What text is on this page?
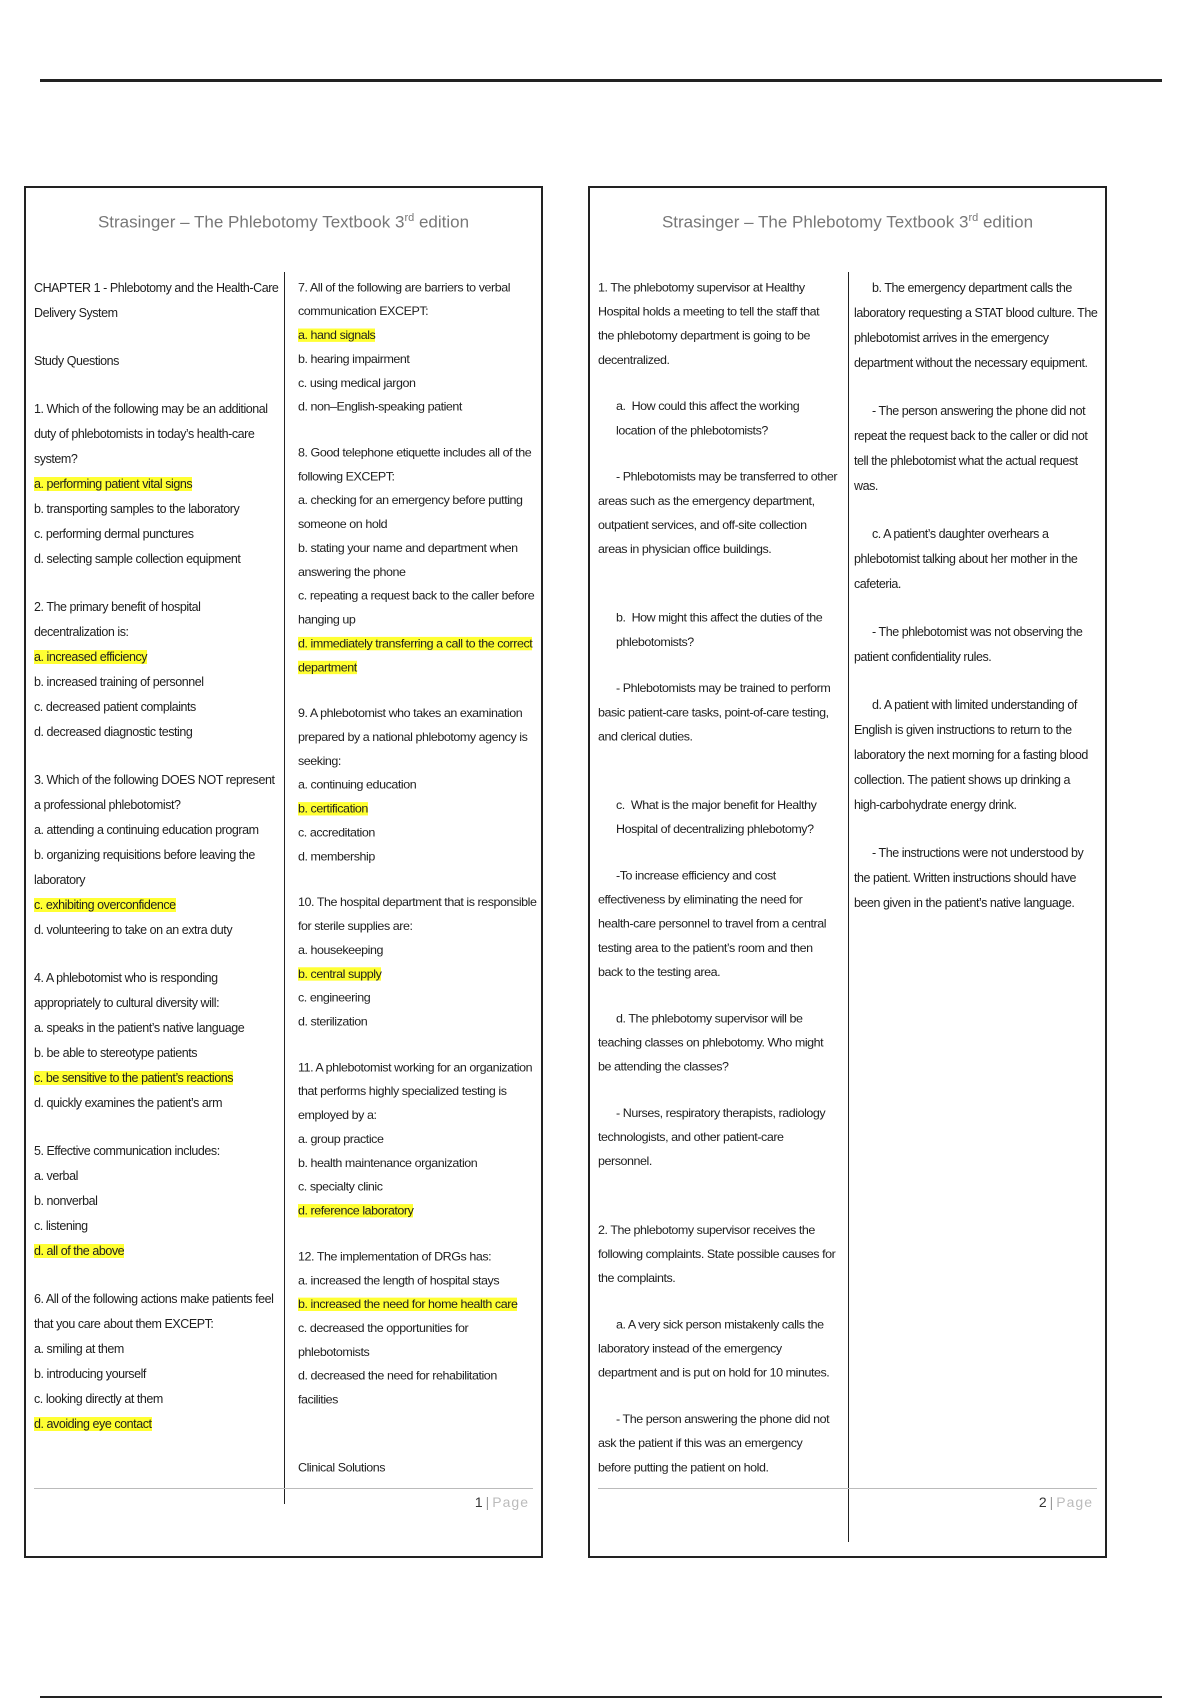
Strasinger – The Phlebotomy Textbook 3rd edition
CHAPTER 1 - Phlebotomy and the Health-Care Delivery System
Study Questions
1. Which of the following may be an additional duty of phlebotomists in today’s health-care system?
a. performing patient vital signs
b. transporting samples to the laboratory
c. performing dermal punctures
d. selecting sample collection equipment
2. The primary benefit of hospital decentralization is:
a. increased efficiency
b. increased training of personnel
c. decreased patient complaints
d. decreased diagnostic testing
3. Which of the following DOES NOT represent a professional phlebotomist?
a. attending a continuing education program
b. organizing requisitions before leaving the laboratory
c. exhibiting overconfidence
d. volunteering to take on an extra duty
4. A phlebotomist who is responding appropriately to cultural diversity will:
a. speaks in the patient’s native language
b. be able to stereotype patients
c. be sensitive to the patient’s reactions
d. quickly examines the patient’s arm
5. Effective communication includes:
a. verbal
b. nonverbal
c. listening
d. all of the above
6. All of the following actions make patients feel that you care about them EXCEPT:
a. smiling at them
b. introducing yourself
c. looking directly at them
d. avoiding eye contact
7. All of the following are barriers to verbal communication EXCEPT:
a. hand signals
b. hearing impairment
c. using medical jargon
d. non–English-speaking patient
8. Good telephone etiquette includes all of the following EXCEPT:
a. checking for an emergency before putting someone on hold
b. stating your name and department when answering the phone
c. repeating a request back to the caller before hanging up
d. immediately transferring a call to the correct department
9. A phlebotomist who takes an examination prepared by a national phlebotomy agency is seeking:
a. continuing education
b. certification
c. accreditation
d. membership
10. The hospital department that is responsible for sterile supplies are:
a. housekeeping
b. central supply
c. engineering
d. sterilization
11. A phlebotomist working for an organization that performs highly specialized testing is employed by a:
a. group practice
b. health maintenance organization
c. specialty clinic
d. reference laboratory
12. The implementation of DRGs has:
a. increased the length of hospital stays
b. increased the need for home health care
c. decreased the opportunities for phlebotomists
d. decreased the need for rehabilitation facilities
Clinical Solutions
1 | Page
Strasinger – The Phlebotomy Textbook 3rd edition
1. The phlebotomy supervisor at Healthy Hospital holds a meeting to tell the staff that the phlebotomy department is going to be decentralized.
a. How could this affect the working location of the phlebotomists?
- Phlebotomists may be transferred to other areas such as the emergency department, outpatient services, and off-site collection areas in physician office buildings.
b. How might this affect the duties of the phlebotomists?
- Phlebotomists may be trained to perform basic patient-care tasks, point-of-care testing, and clerical duties.
c. What is the major benefit for Healthy Hospital of decentralizing phlebotomy?
-To increase efficiency and cost effectiveness by eliminating the need for health-care personnel to travel from a central testing area to the patient’s room and then back to the testing area.
d. The phlebotomy supervisor will be teaching classes on phlebotomy. Who might be attending the classes?
- Nurses, respiratory therapists, radiology technologists, and other patient-care personnel.
2. The phlebotomy supervisor receives the following complaints. State possible causes for the complaints.
a. A very sick person mistakenly calls the laboratory instead of the emergency department and is put on hold for 10 minutes.
- The person answering the phone did not ask the patient if this was an emergency before putting the patient on hold.
b. The emergency department calls the laboratory requesting a STAT blood culture. The phlebotomist arrives in the emergency department without the necessary equipment.
- The person answering the phone did not repeat the request back to the caller or did not tell the phlebotomist what the actual request was.
c. A patient’s daughter overhears a phlebotomist talking about her mother in the cafeteria.
- The phlebotomist was not observing the patient confidentiality rules.
d. A patient with limited understanding of English is given instructions to return to the laboratory the next morning for a fasting blood collection. The patient shows up drinking a high-carbohydrate energy drink.
- The instructions were not understood by the patient. Written instructions should have been given in the patient’s native language.
2 | Page
